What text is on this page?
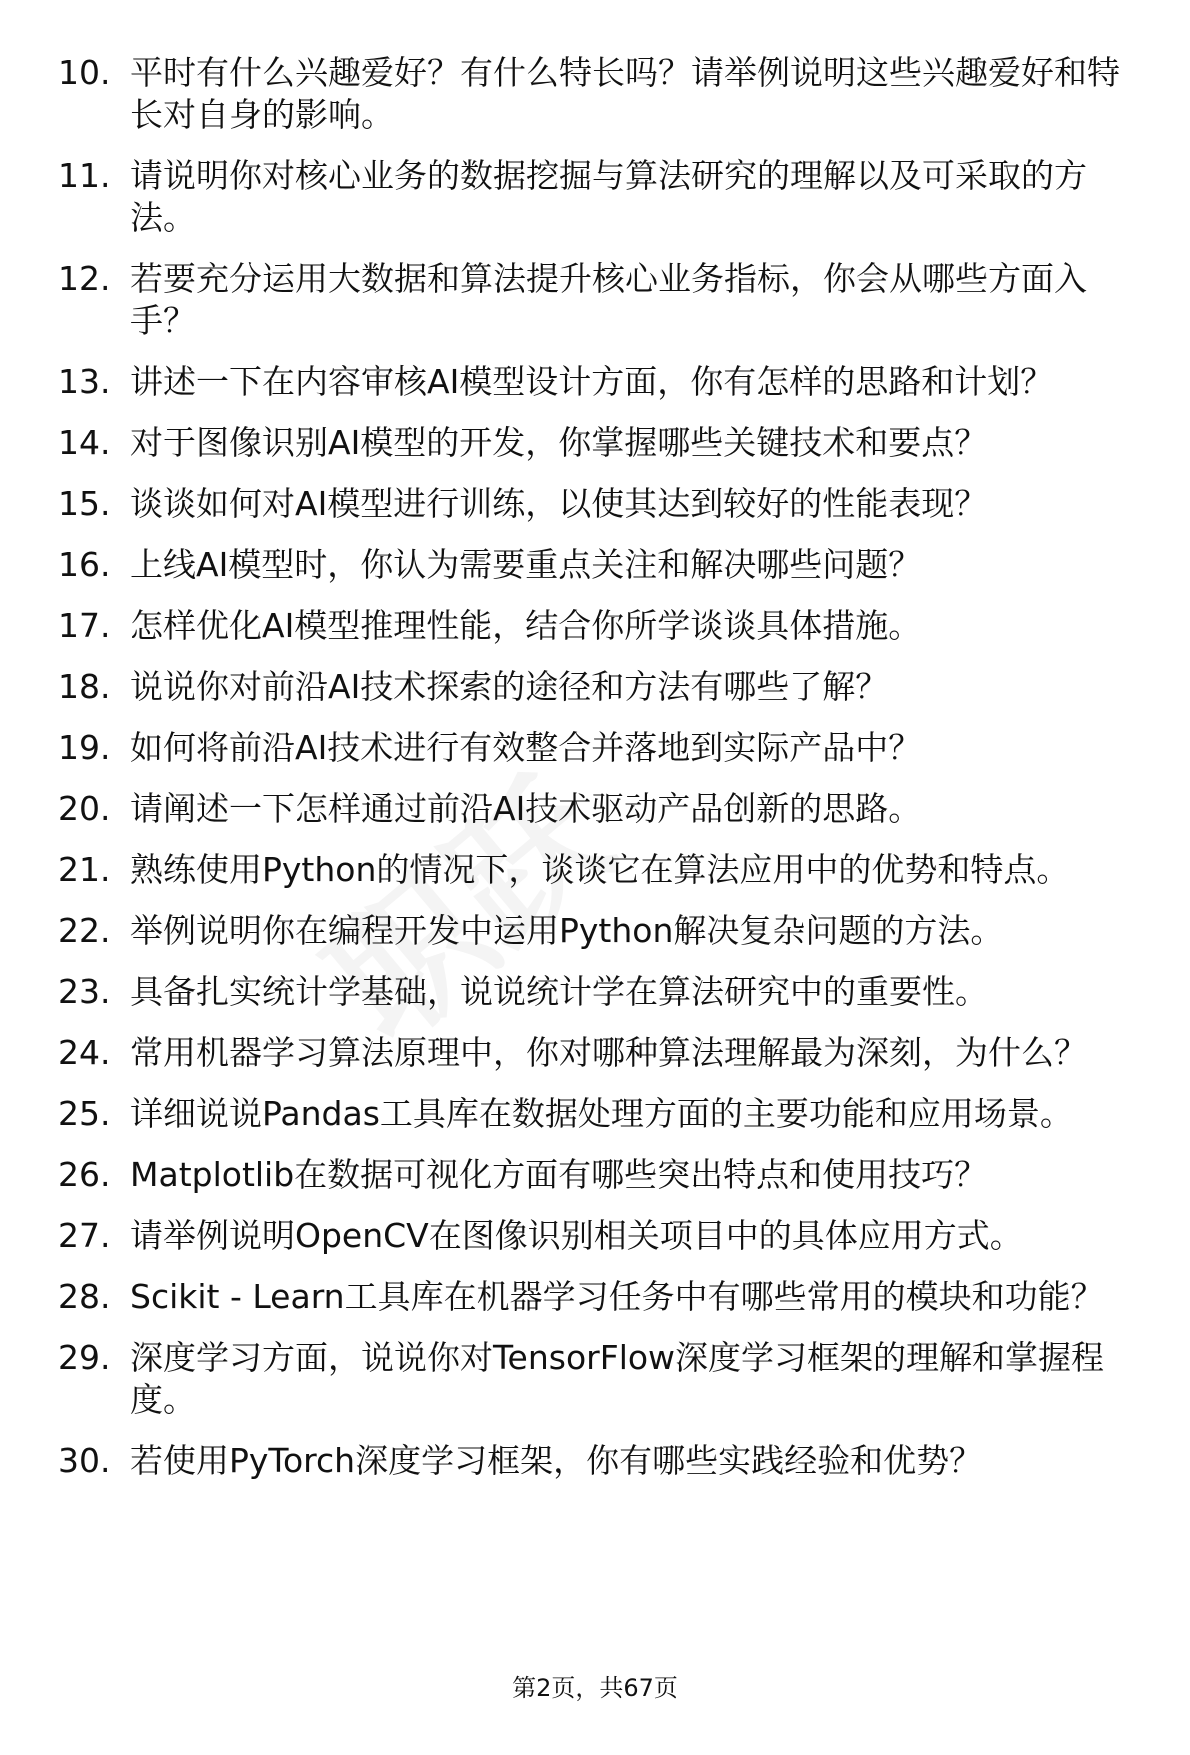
10. 平时有什么兴趣爱好？有什么特长吗？请举例说明这些兴趣爱好和特长对自身的影响。
11. 请说明你对核心业务的数据挖掘与算法研究的理解以及可采取的方法。
12. 若要充分运用大数据和算法提升核心业务指标，你会从哪些方面入手？
13. 讲述一下在内容审核AI模型设计方面，你有怎样的思路和计划？
14. 对于图像识别AI模型的开发，你掌握哪些关键技术和要点？
15. 谈谈如何对AI模型进行训练，以使其达到较好的性能表现？
16. 上线AI模型时，你认为需要重点关注和解决哪些问题？
17. 怎样优化AI模型推理性能，结合你所学谈谈具体措施。
18. 说说你对前沿AI技术探索的途径和方法有哪些了解？
19. 如何将前沿AI技术进行有效整合并落地到实际产品中？
20. 请阐述一下怎样通过前沿AI技术驱动产品创新的思路。
21. 熟练使用Python的情况下，谈谈它在算法应用中的优势和特点。
22. 举例说明你在编程开发中运用Python解决复杂问题的方法。
23. 具备扎实统计学基础，说说统计学在算法研究中的重要性。
24. 常用机器学习算法原理中，你对哪种算法理解最为深刻，为什么？
25. 详细说说Pandas工具库在数据处理方面的主要功能和应用场景。
26. Matplotlib在数据可视化方面有哪些突出特点和使用技巧？
27. 请举例说明OpenCV在图像识别相关项目中的具体应用方式。
28. Scikit - Learn工具库在机器学习任务中有哪些常用的模块和功能？
29. 深度学习方面，说说你对TensorFlow深度学习框架的理解和掌握程度。
30. 若使用PyTorch深度学习框架，你有哪些实践经验和优势？
第2页，共67页
